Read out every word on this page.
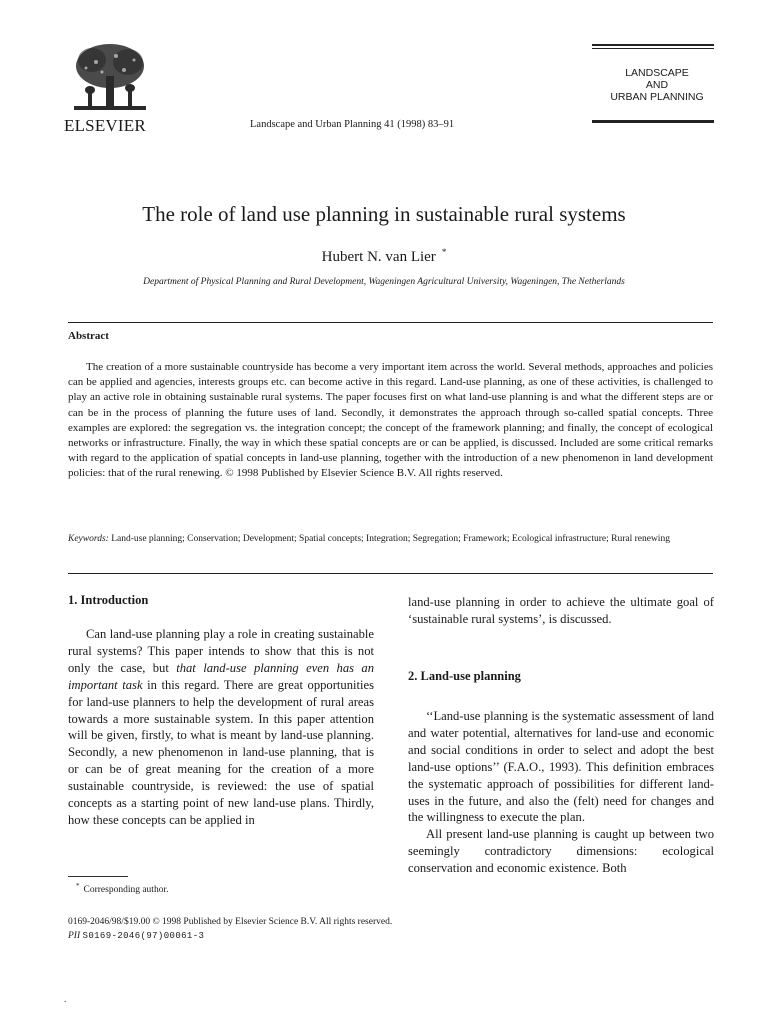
ELSEVIER	Landscape and Urban Planning 41 (1998) 83–91
LANDSCAPE
AND
URBAN PLANNING
The role of land use planning in sustainable rural systems
Hubert N. van Lier *
Department of Physical Planning and Rural Development, Wageningen Agricultural University, Wageningen, The Netherlands
Abstract
The creation of a more sustainable countryside has become a very important item across the world. Several methods, approaches and policies can be applied and agencies, interests groups etc. can become active in this regard. Land-use planning, as one of these activities, is challenged to play an active role in obtaining sustainable rural systems. The paper focuses first on what land-use planning is and what the different steps are or can be in the process of planning the future uses of land. Secondly, it demonstrates the approach through so-called spatial concepts. Three examples are explored: the segregation vs. the integration concept; the concept of the framework planning; and finally, the concept of ecological networks or infrastructure. Finally, the way in which these spatial concepts are or can be applied, is discussed. Included are some critical remarks with regard to the application of spatial concepts in land-use planning, together with the introduction of a new phenomenon in land development policies: that of the rural renewing. © 1998 Published by Elsevier Science B.V. All rights reserved.
Keywords: Land-use planning; Conservation; Development; Spatial concepts; Integration; Segregation; Framework; Ecological infrastructure; Rural renewing
1. Introduction

Can land-use planning play a role in creating sustainable rural systems? This paper intends to show that this is not only the case, but that land-use planning even has an important task in this regard. There are great opportunities for land-use planners to help the development of rural areas towards a more sustainable system. In this paper attention will be given, firstly, to what is meant by land-use planning. Secondly, a new phenomenon in land-use planning, that is or can be of great meaning for the creation of a more sustainable countryside, is reviewed: the use of spatial concepts as a starting point of new land-use plans. Thirdly, how these concepts can be applied in

* Corresponding author.

land-use planning in order to achieve the ultimate goal of ‘sustainable rural systems’, is discussed.

2. Land-use planning

‘‘Land-use planning is the systematic assessment of land and water potential, alternatives for land-use and economic and social conditions in order to select and adopt the best land-use options’’ (F.A.O., 1993). This definition embraces the systematic approach of possibilities for different land-uses in the future, and also the (felt) need for changes and the willingness to execute the plan.

All present land-use planning is caught up between two seemingly contradictory dimensions: ecological conservation and economic existence. Both

0169-2046/98/$19.00 © 1998 Published by Elsevier Science B.V. All rights reserved.
PII S0169-2046(97)00061-3
.
